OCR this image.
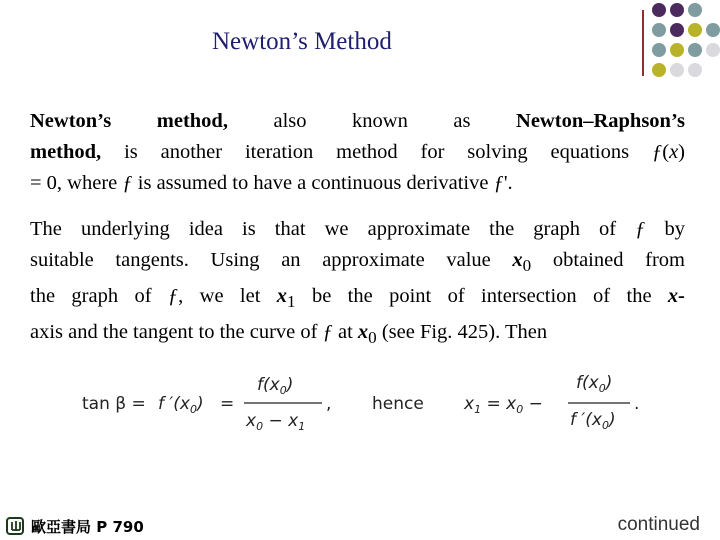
Newton’s Method
Newton’s method, also known as Newton–Raphson’s
method, is another iteration method for solving equations ƒ(x)
= 0, where ƒ is assumed to have a continuous derivative ƒ'.
The underlying idea is that we approximate the graph of ƒ by
suitable tangents. Using an approximate value $x_0$ obtained from
the graph of ƒ, we let $x_1$ be the point of intersection of the x-
axis and the tangent to the curve of ƒ at $x_0$ (see Fig. 425). Then
tan β = f $'(x_0)$ =
$f(x_0)$
$x_0 - x_1$
, hence $x_1 = x_0$ −
$f(x_0)$
f $'(x_0)$
.
歐亞書局 P 790	continued
